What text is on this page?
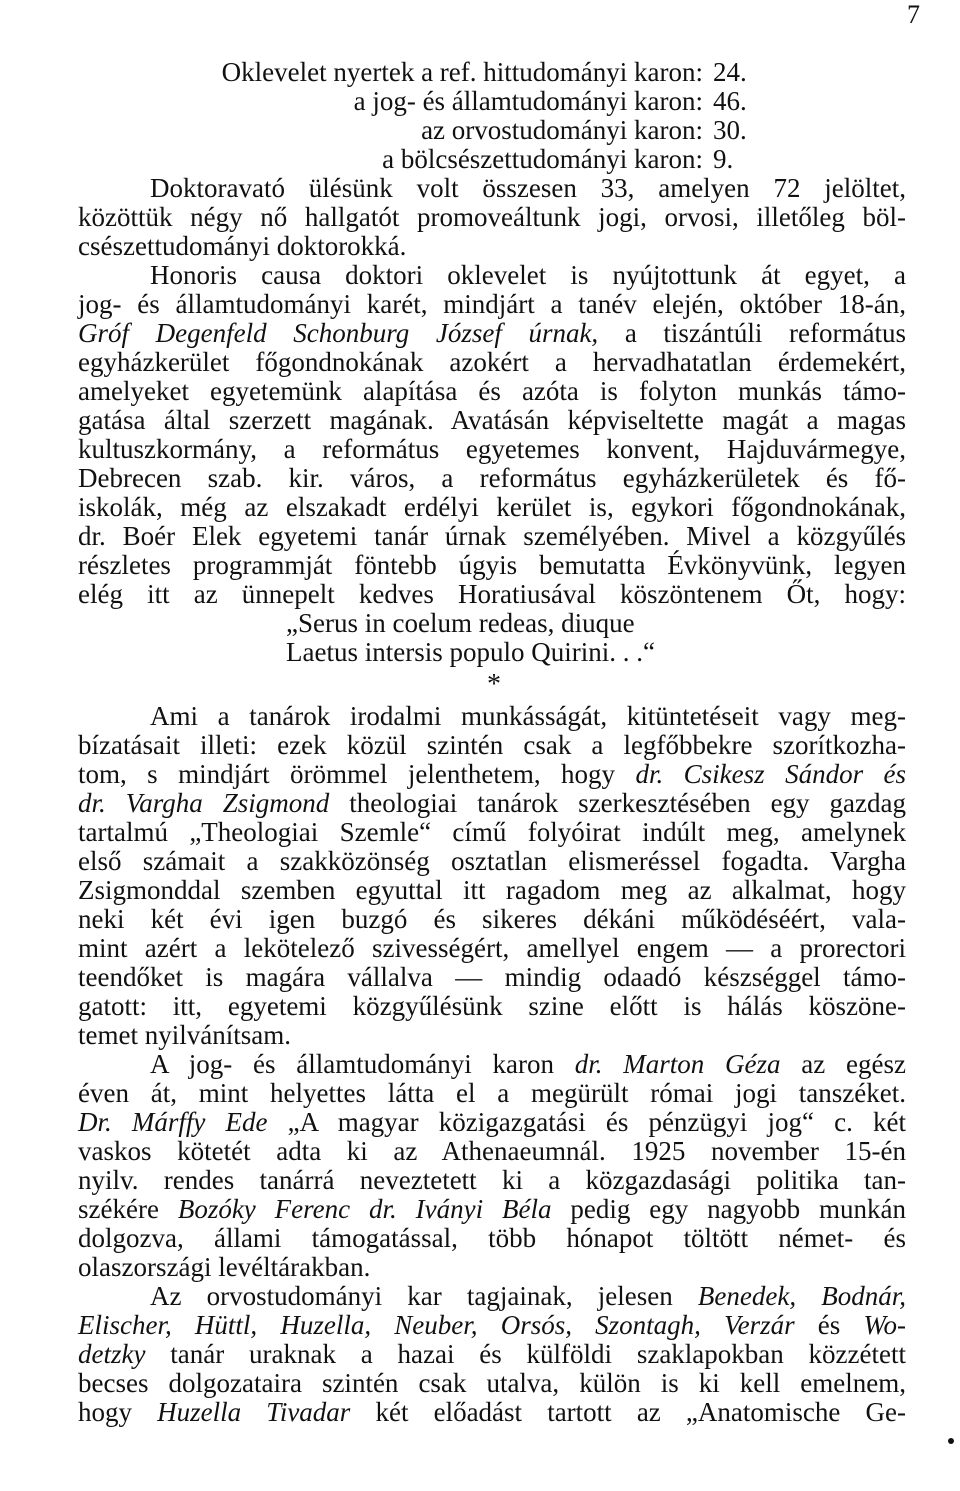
7
Oklevelet nyertek a ref. hittudományi karon: 24.
a jog- és államtudományi karon: 46.
az orvostudományi karon: 30.
a bölcsészettudományi karon: 9.
Doktoravató ülésünk volt összesen 33, amelyen 72 jelöltet,
közöttük négy nő hallgatót promoveáltunk jogi, orvosi, illetőleg böl-
csészettudományi doktorokká.
Honoris causa doktori oklevelet is nyújtottunk át egyet, a
jog- és államtudományi karét, mindjárt a tanév elején, október 18-án,
Gróf Degenfeld Schonburg József úrnak, a tiszántúli református
egyházkerület főgondnokának azokért a hervadhatatlan érdemekért,
amelyeket egyetemünk alapítása és azóta is folyton munkás támo-
gatása által szerzett magának. Avatásán képviseltette magát a magas
kultuszkormány, a református egyetemes konvent, Hajduvármegye,
Debrecen szab. kir. város, a református egyházkerületek és fő-
iskolák, még az elszakadt erdélyi kerület is, egykori főgondnokának,
dr. Boér Elek egyetemi tanár úrnak személyében. Mivel a közgyűlés
részletes programmját föntebb úgyis bemutatta Évkönyvünk, legyen
elég itt az ünnepelt kedves Horatiusával köszöntenem Őt, hogy:
„Serus in coelum redeas, diuque
Laetus intersis populo Quirini. . .“
*
Ami a tanárok irodalmi munkásságát, kitüntetéseit vagy meg-
bízatásait illeti: ezek közül szintén csak a legfőbbekre szorítkozha-
tom, s mindjárt örömmel jelenthetem, hogy dr. Csikesz Sándor és
dr. Vargha Zsigmond theologiai tanárok szerkesztésében egy gazdag
tartalmú „Theologiai Szemle“ című folyóirat indúlt meg, amelynek
első számait a szakközönség osztatlan elismeréssel fogadta. Vargha
Zsigmonddal szemben egyuttal itt ragadom meg az alkalmat, hogy
neki két évi igen buzgó és sikeres dékáni működéséért, vala-
mint azért a lekötelező szivességért, amellyel engem — a prorectori
teendőket is magára vállalva — mindig odaadó készséggel támo-
gatott: itt, egyetemi közgyűlésünk szine előtt is hálás köszöne-
temet nyilvánítsam.
A jog- és államtudományi karon dr. Marton Géza az egész
éven át, mint helyettes látta el a megürült római jogi tanszéket.
Dr. Márffy Ede „A magyar közigazgatási és pénzügyi jog“ c. két
vaskos kötetét adta ki az Athenaeumnál. 1925 november 15-én
nyilv. rendes tanárrá neveztetett ki a közgazdasági politika tan-
székére Bozóky Ferenc dr. Iványi Béla pedig egy nagyobb munkán
dolgozva, állami támogatással, több hónapot töltött német- és
olaszországi levéltárakban.
Az orvostudományi kar tagjainak, jelesen Benedek, Bodnár,
Elischer, Hüttl, Huzella, Neuber, Orsós, Szontagh, Verzár és Wo-
detzky tanár uraknak a hazai és külföldi szaklapokban közzétett
becses dolgozataira szintén csak utalva, külön is ki kell emelnem,
hogy Huzella Tivadar két előadást tartott az „Anatomische Ge-
